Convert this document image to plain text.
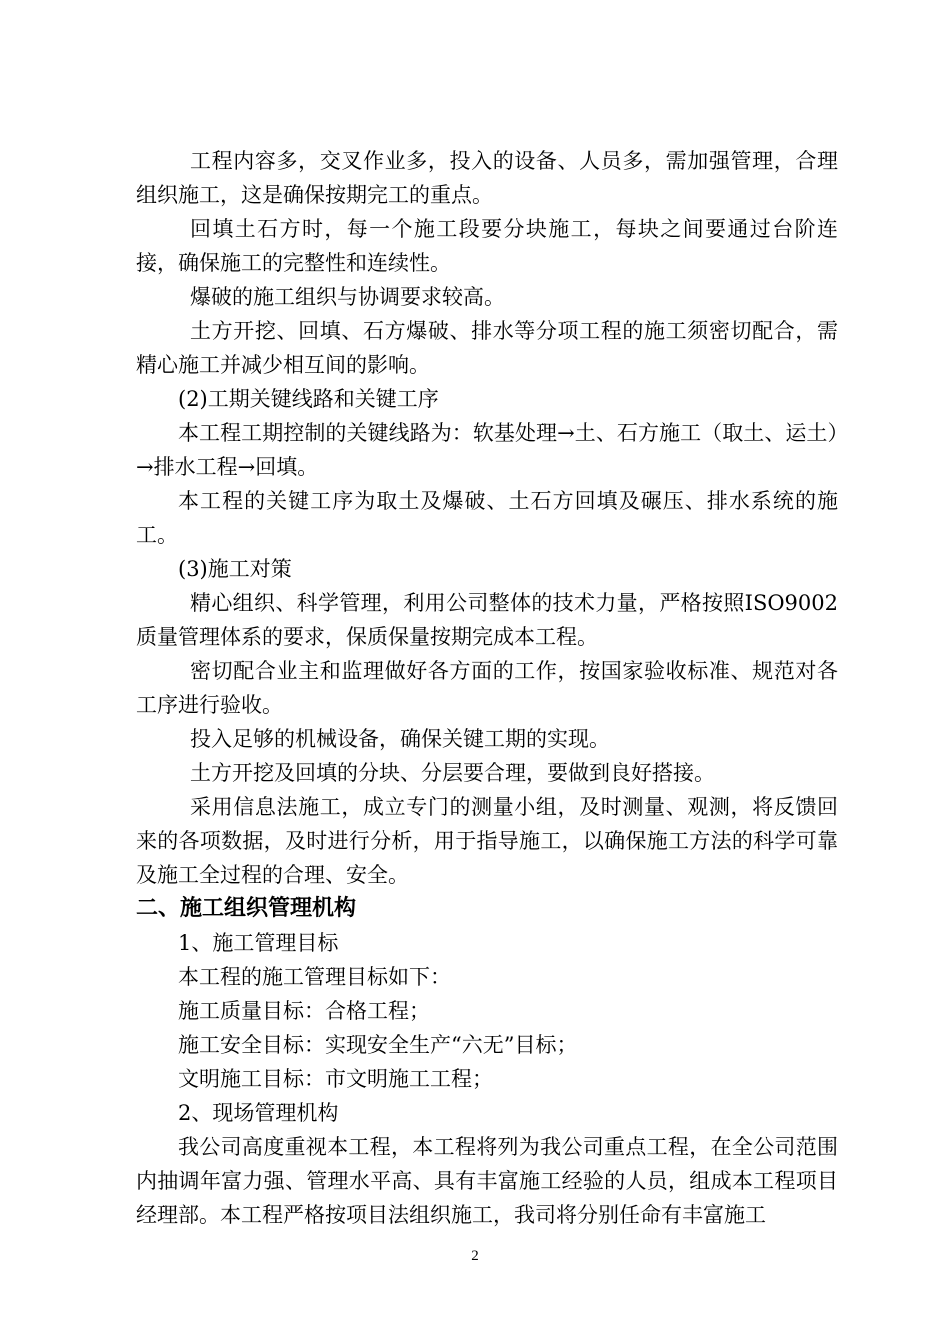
工程内容多，交叉作业多，投入的设备、人员多，需加强管理，合理组织施工，这是确保按期完工的重点。

回填土石方时，每一个施工段要分块施工，每块之间要通过台阶连接，确保施工的完整性和连续性。

爆破的施工组织与协调要求较高。

土方开挖、回填、石方爆破、排水等分项工程的施工须密切配合，需精心施工并减少相互间的影响。

(2)工期关键线路和关键工序

本工程工期控制的关键线路为：软基处理→土、石方施工（取土、运土）→排水工程→回填。

本工程的关键工序为取土及爆破、土石方回填及碾压、排水系统的施工。

(3)施工对策

精心组织、科学管理，利用公司整体的技术力量，严格按照ISO9002质量管理体系的要求，保质保量按期完成本工程。

密切配合业主和监理做好各方面的工作，按国家验收标准、规范对各工序进行验收。

投入足够的机械设备，确保关键工期的实现。

土方开挖及回填的分块、分层要合理，要做到良好搭接。

采用信息法施工，成立专门的测量小组，及时测量、观测，将反馈回来的各项数据，及时进行分析，用于指导施工，以确保施工方法的科学可靠及施工全过程的合理、安全。

二、施工组织管理机构

1、施工管理目标

本工程的施工管理目标如下：

施工质量目标：合格工程；

施工安全目标：实现安全生产“六无”目标；

文明施工目标：市文明施工工程；

2、现场管理机构

我公司高度重视本工程，本工程将列为我公司重点工程，在全公司范围内抽调年富力强、管理水平高、具有丰富施工经验的人员，组成本工程项目经理部。本工程严格按项目法组织施工，我司将分别任命有丰富施工

2
